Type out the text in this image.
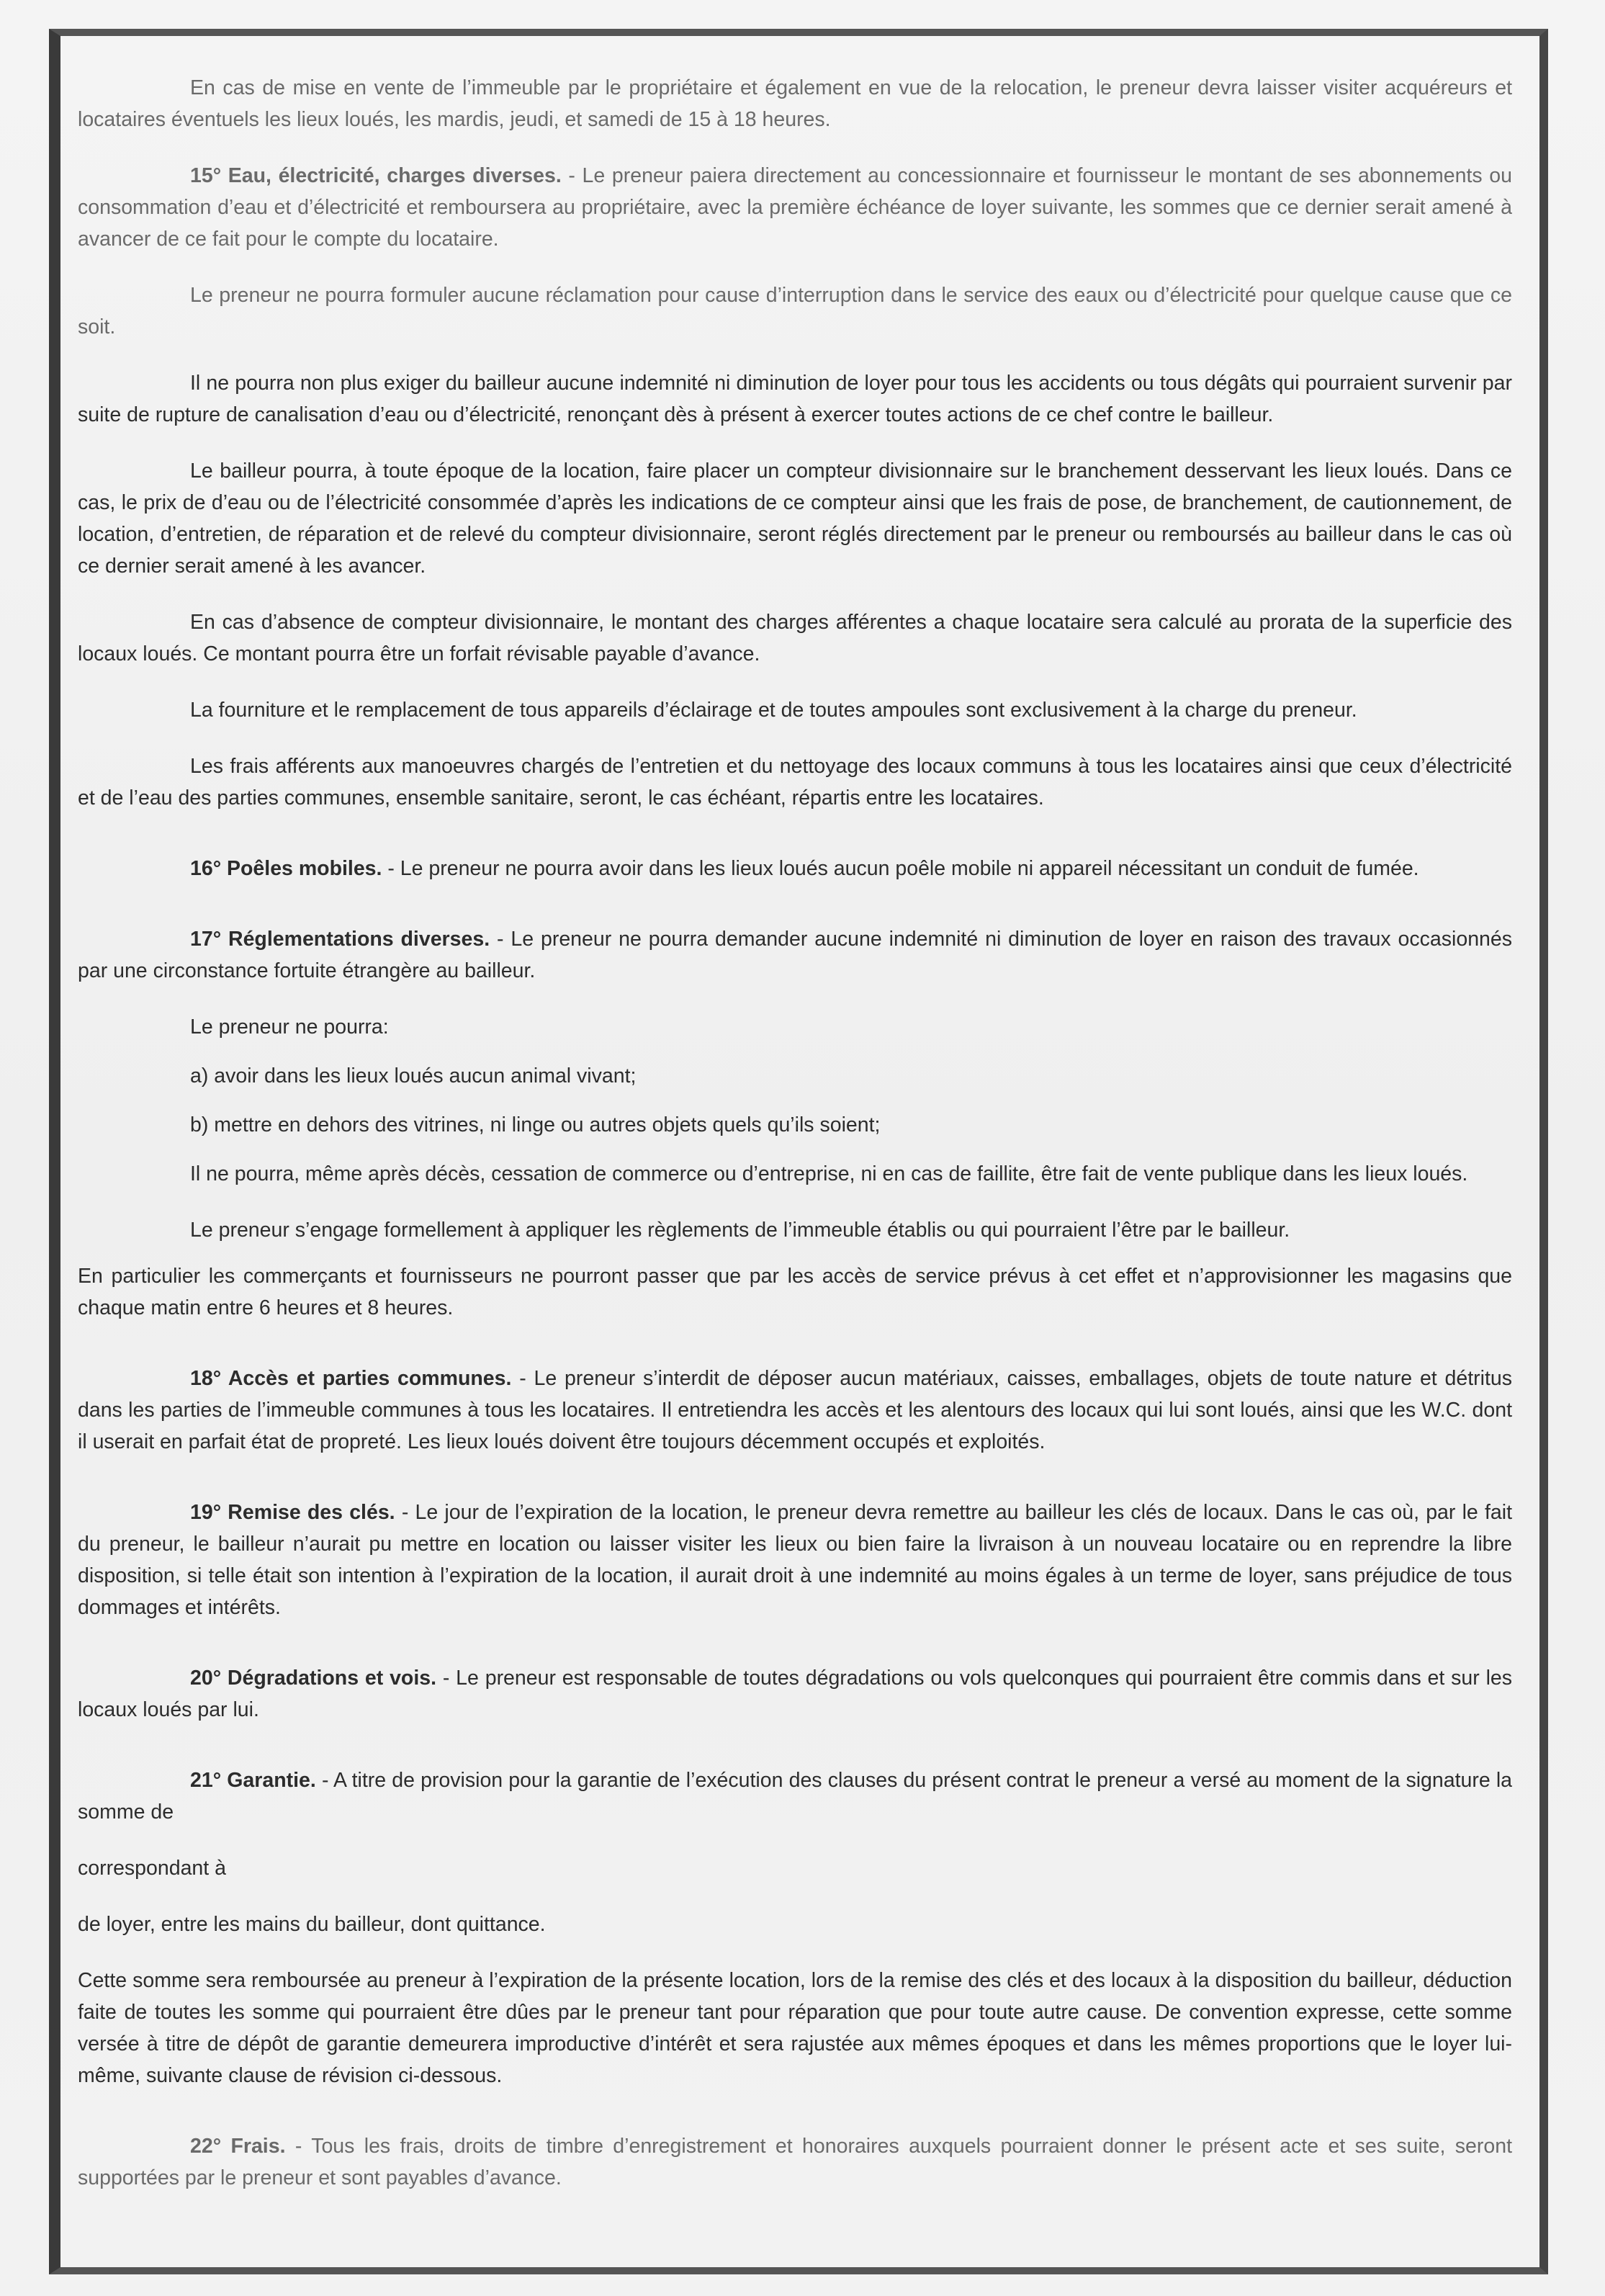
En cas de mise en vente de l’immeuble par le propriétaire et également en vue de la relocation, le preneur devra laisser visiter acquéreurs et locataires éventuels les lieux loués, les mardis, jeudi, et samedi de 15 à 18 heures.

15° Eau, électricité, charges diverses. - Le preneur paiera directement au concessionnaire et fournisseur le montant de ses abonnements ou consommation d’eau et d’électricité et remboursera au propriétaire, avec la première échéance de loyer suivante, les sommes que ce dernier serait amené à avancer de ce fait pour le compte du locataire.

Le preneur ne pourra formuler aucune réclamation pour cause d’interruption dans le service des eaux ou d’électricité pour quelque cause que ce soit.

Il ne pourra non plus exiger du bailleur aucune indemnité ni diminution de loyer pour tous les accidents ou tous dégâts qui pourraient survenir par suite de rupture de canalisation d’eau ou d’électricité, renonçant dès à présent à exercer toutes actions de ce chef contre le bailleur.

Le bailleur pourra, à toute époque de la location, faire placer un compteur divisionnaire sur le branchement desservant les lieux loués. Dans ce cas, le prix de d’eau ou de l’électricité consommée d’après les indications de ce compteur ainsi que les frais de pose, de branchement, de cautionnement, de location, d’entretien, de réparation et de relevé du compteur divisionnaire, seront réglés directement par le preneur ou remboursés au bailleur dans le cas où ce dernier serait amené à les avancer.

En cas d’absence de compteur divisionnaire, le montant des charges afférentes a chaque locataire sera calculé au prorata de la superficie des locaux loués. Ce montant pourra être un forfait révisable payable d’avance.

La fourniture et le remplacement de tous appareils d’éclairage et de toutes ampoules sont exclusivement à la charge du preneur.

Les frais afférents aux manoeuvres chargés de l’entretien et du nettoyage des locaux communs à tous les locataires ainsi que ceux d’électricité et de l’eau des parties communes, ensemble sanitaire, seront, le cas échéant, répartis entre les locataires.

16° Poêles mobiles. - Le preneur ne pourra avoir dans les lieux loués aucun poêle mobile ni appareil nécessitant un conduit de fumée.

17° Réglementations diverses. - Le preneur ne pourra demander aucune indemnité ni diminution de loyer en raison des travaux occasionnés par une circonstance fortuite étrangère au bailleur.

Le preneur ne pourra:

a) avoir dans les lieux loués aucun animal vivant;

b) mettre en dehors des vitrines, ni linge ou autres objets quels qu’ils soient;

Il ne pourra, même après décès, cessation de commerce ou d’entreprise, ni en cas de faillite, être fait de vente publique dans les lieux loués.

Le preneur s’engage formellement à appliquer les règlements de l’immeuble établis ou qui pourraient l’être par le bailleur.

En particulier les commerçants et fournisseurs ne pourront passer que par les accès de service prévus à cet effet et n’approvisionner les magasins que chaque matin entre 6 heures et 8 heures.

18° Accès et parties communes. - Le preneur s’interdit de déposer aucun matériaux, caisses, emballages, objets de toute nature et détritus dans les parties de l’immeuble communes à tous les locataires. Il entretiendra les accès et les alentours des locaux qui lui sont loués, ainsi que les W.C. dont il userait en parfait état de propreté. Les lieux loués doivent être toujours décemment occupés et exploités.

19° Remise des clés. - Le jour de l’expiration de la location, le preneur devra remettre au bailleur les clés de locaux. Dans le cas où, par le fait du preneur, le bailleur n’aurait pu mettre en location ou laisser visiter les lieux ou bien faire la livraison à un nouveau locataire ou en reprendre la libre disposition, si telle était son intention à l’expiration de la location, il aurait droit à une indemnité au moins égales à un terme de loyer, sans préjudice de tous dommages et intérêts.

20° Dégradations et vois. - Le preneur est responsable de toutes dégradations ou vols quelconques qui pourraient être commis dans et sur les locaux loués par lui.

21° Garantie. - A titre de provision pour la garantie de l’exécution des clauses du présent contrat le preneur a versé au moment de la signature la somme de

correspondant à

de loyer, entre les mains du bailleur, dont quittance.

Cette somme sera remboursée au preneur à l’expiration de la présente location, lors de la remise des clés et des locaux à la disposition du bailleur, déduction faite de toutes les somme qui pourraient être dûes par le preneur tant pour réparation que pour toute autre cause. De convention expresse, cette somme versée à titre de dépôt de garantie demeurera improductive d’intérêt et sera rajustée aux mêmes époques et dans les mêmes proportions que le loyer lui-même, suivante clause de révision ci-dessous.

22° Frais. - Tous les frais, droits de timbre d’enregistrement et honoraires auxquels pourraient donner le présent acte et ses suite, seront supportées par le preneur et sont payables d’avance.
